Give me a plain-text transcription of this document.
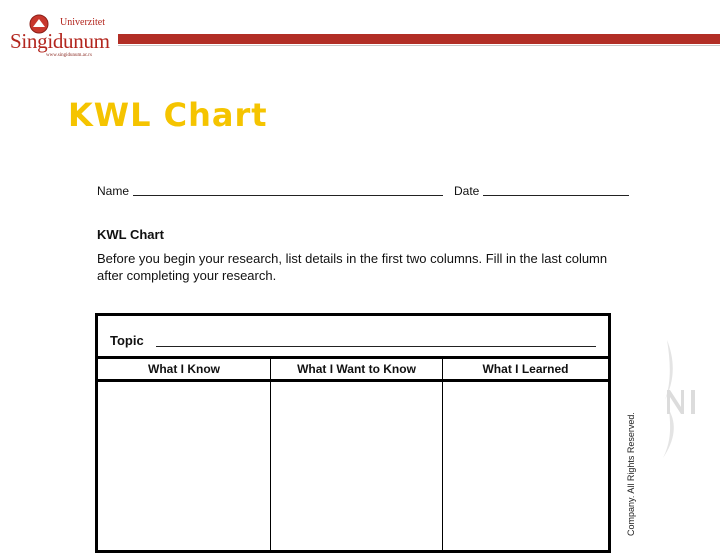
Univerzitet
Singidunum
www.singidunum.ac.rs
KWL Chart
Name	Date
KWL Chart
Before you begin your research, list details in the first two columns. Fill in the last column after completing your research.
Topic
What I Know	What I Want to Know	What I Learned
Company. All Rights Reserved.
